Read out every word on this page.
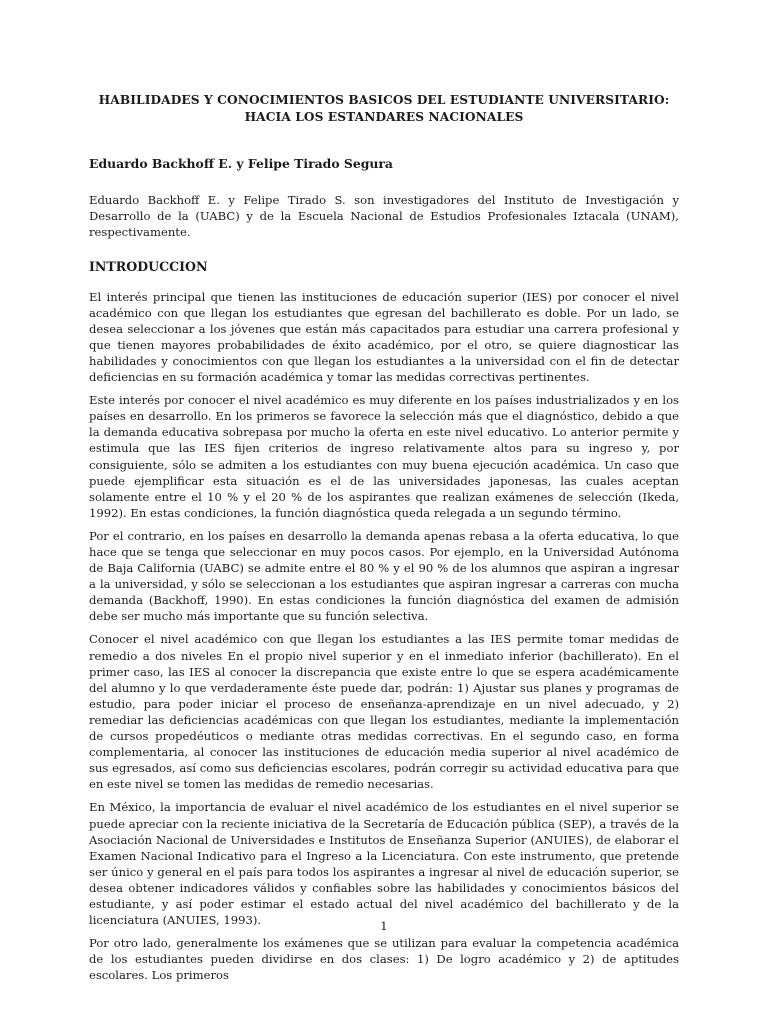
HABILIDADES Y CONOCIMIENTOS BASICOS DEL ESTUDIANTE UNIVERSITARIO:
HACIA LOS ESTANDARES NACIONALES
Eduardo Backhoff E. y Felipe Tirado Segura

Eduardo Backhoff E. y Felipe Tirado S. son investigadores del Instituto de Investigación y Desarrollo de la (UABC) y de la Escuela Nacional de Estudios Profesionales Iztacala (UNAM), respectivamente.

INTRODUCCION

El interés principal que tienen las instituciones de educación superior (IES) por conocer el nivel académico con que llegan los estudiantes que egresan del bachillerato es doble. Por un lado, se desea seleccionar a los jóvenes que están más capacitados para estudiar una carrera profesional y que tienen mayores probabilidades de éxito académico, por el otro, se quiere diagnosticar las habilidades y conocimientos con que llegan los estudiantes a la universidad con el fin de detectar deficiencias en su formación académica y tomar las medidas correctivas pertinentes.

Este interés por conocer el nivel académico es muy diferente en los países industrializados y en los países en desarrollo. En los primeros se favorece la selección más que el diagnóstico, debido a que la demanda educativa sobrepasa por mucho la oferta en este nivel educativo. Lo anterior permite y estimula que las IES fijen criterios de ingreso relativamente altos para su ingreso y, por consiguiente, sólo se admiten a los estudiantes con muy buena ejecución académica. Un caso que puede ejemplificar esta situación es el de las universidades japonesas, las cuales aceptan solamente entre el 10 % y el 20 % de los aspirantes que realizan exámenes de selección (Ikeda, 1992). En estas condiciones, la función diagnóstica queda relegada a un segundo término.

Por el contrario, en los países en desarrollo la demanda apenas rebasa a la oferta educativa, lo que hace que se tenga que seleccionar en muy pocos casos. Por ejemplo, en la Universidad Autónoma de Baja California (UABC) se admite entre el 80 % y el 90 % de los alumnos que aspiran a ingresar a la universidad, y sólo se seleccionan a los estudiantes que aspiran ingresar a carreras con mucha demanda (Backhoff, 1990). En estas condiciones la función diagnóstica del examen de admisión debe ser mucho más importante que su función selectiva.

Conocer el nivel académico con que llegan los estudiantes a las IES permite tomar medidas de remedio a dos niveles En el propio nivel superior y en el inmediato inferior (bachillerato). En el primer caso, las IES al conocer la discrepancia que existe entre lo que se espera académicamente del alumno y lo que verdaderamente éste puede dar, podrán: 1) Ajustar sus planes y programas de estudio, para poder iniciar el proceso de enseñanza-aprendizaje en un nivel adecuado, y 2) remediar las deficiencias académicas con que llegan los estudiantes, mediante la implementación de cursos propedéuticos o mediante otras medidas correctivas. En el segundo caso, en forma complementaria, al conocer las instituciones de educación media superior al nivel académico de sus egresados, así como sus deficiencias escolares, podrán corregir su actividad educativa para que en este nivel se tomen las medidas de remedio necesarias.

En México, la importancia de evaluar el nivel académico de los estudiantes en el nivel superior se puede apreciar con la reciente iniciativa de la Secretaría de Educación pública (SEP), a través de la Asociación Nacional de Universidades e Institutos de Enseñanza Superior (ANUIES), de elaborar el Examen Nacional Indicativo para el Ingreso a la Licenciatura. Con este instrumento, que pretende ser único y general en el país para todos los aspirantes a ingresar al nivel de educación superior, se desea obtener indicadores válidos y confiables sobre las habilidades y conocimientos básicos del estudiante, y así poder estimar el estado actual del nivel académico del bachillerato y de la licenciatura (ANUIES, 1993).

Por otro lado, generalmente los exámenes que se utilizan para evaluar la competencia académica de los estudiantes pueden dividirse en dos clases: 1) De logro académico y 2) de aptitudes escolares. Los primeros

1
